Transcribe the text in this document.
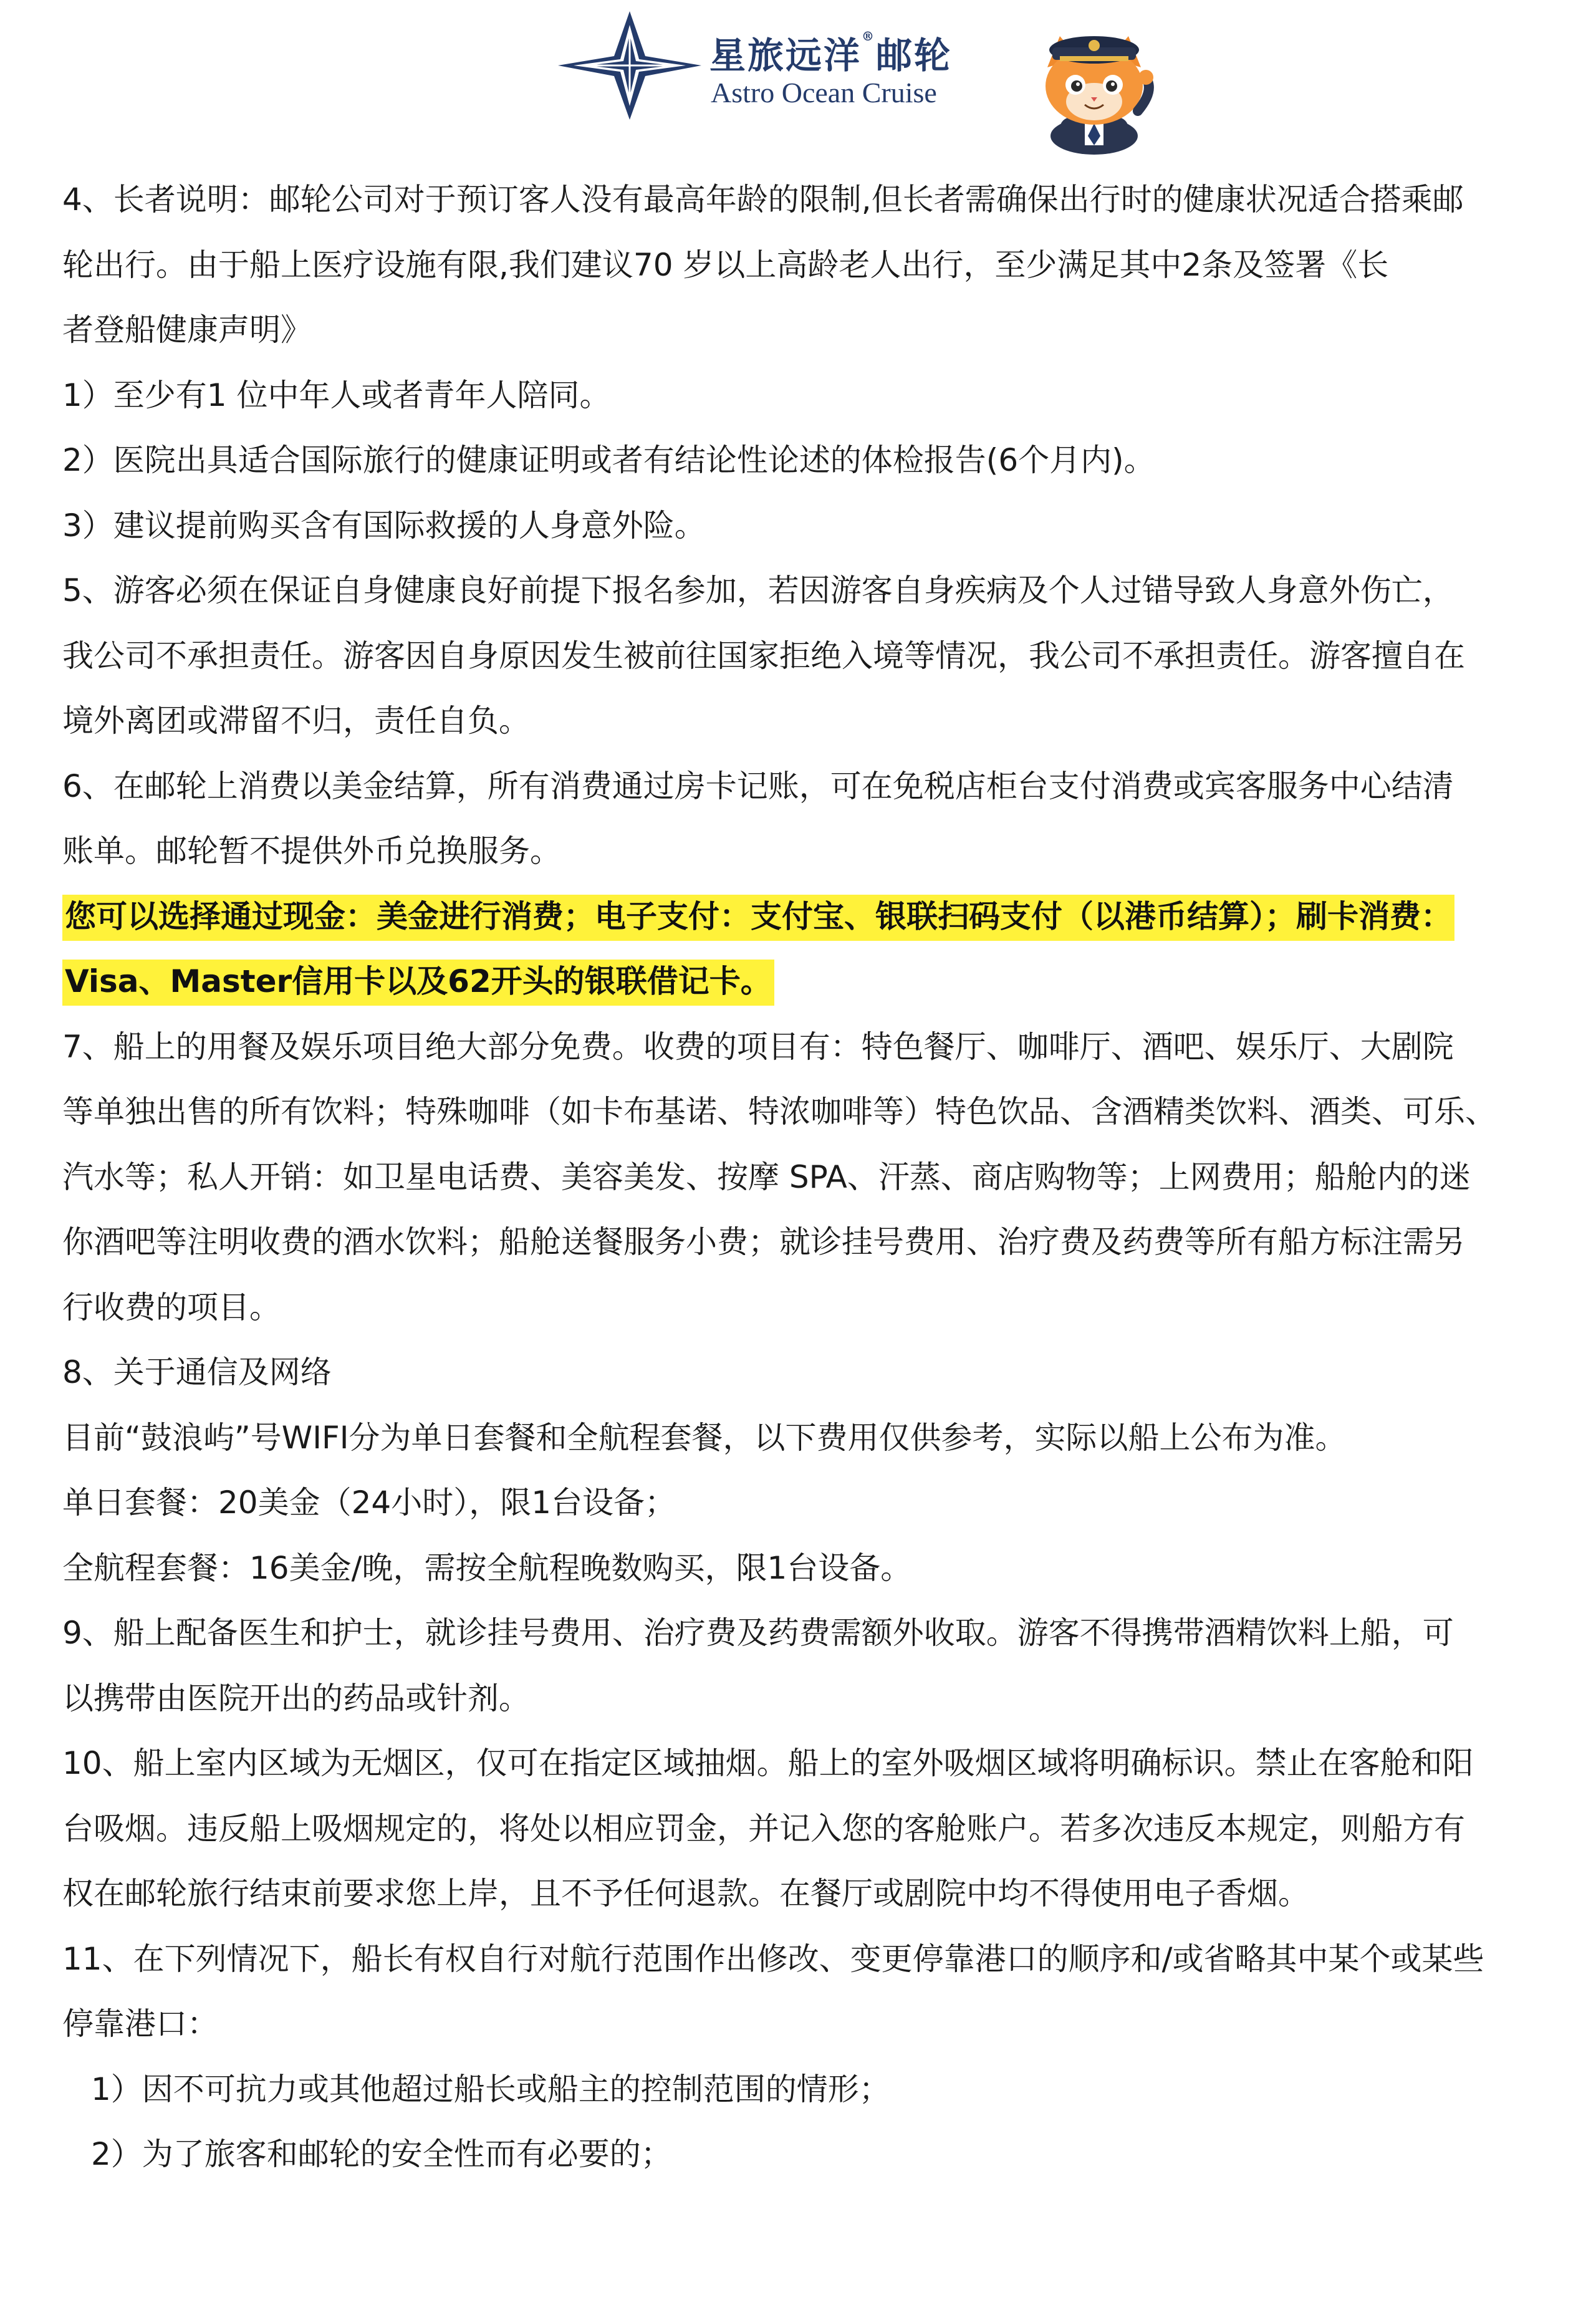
星旅远洋®邮轮
Astro Ocean Cruise
4、长者说明：邮轮公司对于预订客人没有最高年龄的限制,但长者需确保出行时的健康状况适合搭乘邮
轮出行。由于船上医疗设施有限,我们建议70 岁以上高龄老人出行，至少满足其中2条及签署《长
者登船健康声明》
1）至少有1 位中年人或者青年人陪同。
2）医院出具适合国际旅行的健康证明或者有结论性论述的体检报告(6个月内)。
3）建议提前购买含有国际救援的人身意外险。
5、游客必须在保证自身健康良好前提下报名参加，若因游客自身疾病及个人过错导致人身意外伤亡，
我公司不承担责任。游客因自身原因发生被前往国家拒绝入境等情况，我公司不承担责任。游客擅自在
境外离团或滞留不归，责任自负。
6、在邮轮上消费以美金结算，所有消费通过房卡记账，可在免税店柜台支付消费或宾客服务中心结清
账单。邮轮暂不提供外币兑换服务。
您可以选择通过现金：美金进行消费；电子支付：支付宝、银联扫码支付（以港币结算）；刷卡消费：
Visa、Master信用卡以及62开头的银联借记卡。
7、船上的用餐及娱乐项目绝大部分免费。收费的项目有：特色餐厅、咖啡厅、酒吧、娱乐厅、大剧院
等单独出售的所有饮料；特殊咖啡（如卡布基诺、特浓咖啡等）特色饮品、含酒精类饮料、酒类、可乐、
汽水等；私人开销：如卫星电话费、美容美发、按摩 SPA、汗蒸、商店购物等；上网费用；船舱内的迷
你酒吧等注明收费的酒水饮料；船舱送餐服务小费；就诊挂号费用、治疗费及药费等所有船方标注需另
行收费的项目。
8、关于通信及网络
目前“鼓浪屿”号WIFI分为单日套餐和全航程套餐，以下费用仅供参考，实际以船上公布为准。
单日套餐：20美金（24小时），限1台设备；
全航程套餐：16美金/晚，需按全航程晚数购买，限1台设备。
9、船上配备医生和护士，就诊挂号费用、治疗费及药费需额外收取。游客不得携带酒精饮料上船，可
以携带由医院开出的药品或针剂。
10、船上室内区域为无烟区，仅可在指定区域抽烟。船上的室外吸烟区域将明确标识。禁止在客舱和阳
台吸烟。违反船上吸烟规定的，将处以相应罚金，并记入您的客舱账户。若多次违反本规定，则船方有
权在邮轮旅行结束前要求您上岸，且不予任何退款。在餐厅或剧院中均不得使用电子香烟。
11、在下列情况下，船长有权自行对航行范围作出修改、变更停靠港口的顺序和/或省略其中某个或某些
停靠港口：
1）因不可抗力或其他超过船长或船主的控制范围的情形；
2）为了旅客和邮轮的安全性而有必要的；
